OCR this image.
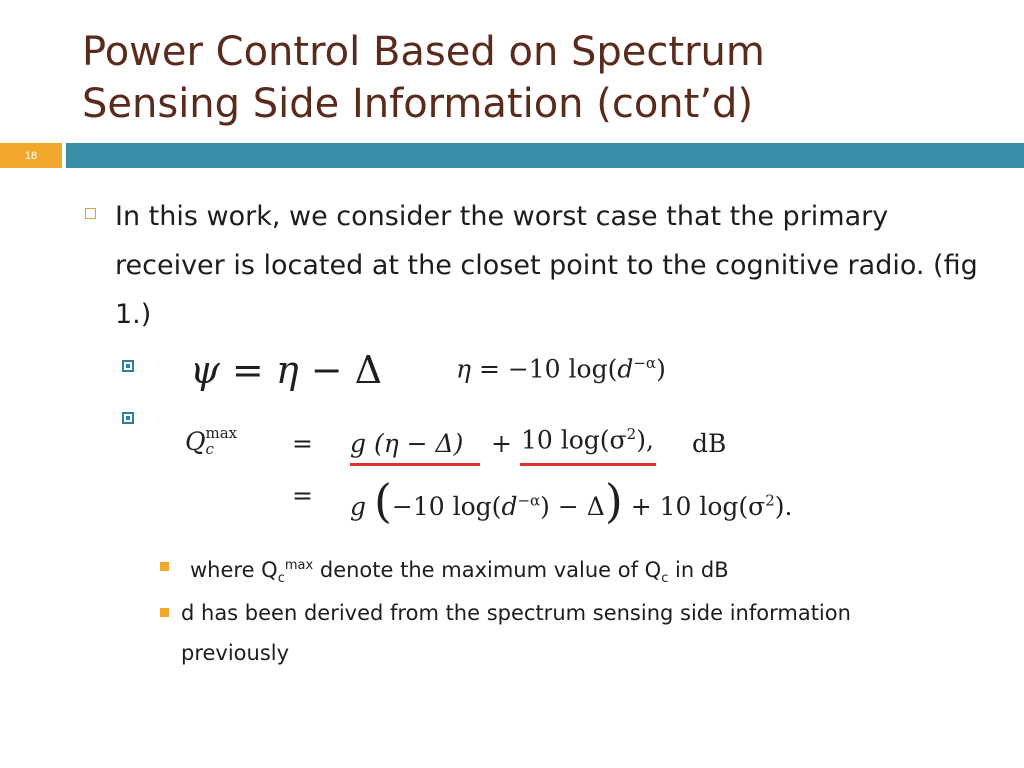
Power Control Based on Spectrum
Sensing Side Information (cont’d)
18
In this work, we consider the worst case that the primary receiver is located at the closet point to the cognitive radio. (fig 1.)
ψ = η − Δ	η = −10 $\log(d^{-\alpha})$
Q max
c	= g (η − Δ) + 10 $\log(\sigma^2)$, dB
= g (−10 $\log(d^{-\alpha}) - \Delta) + 10$ $\log(\sigma^2)$.
where $Q_c^{max}$ denote the maximum value of $Q_c$ in dB
d has been derived from the spectrum sensing side information previously
